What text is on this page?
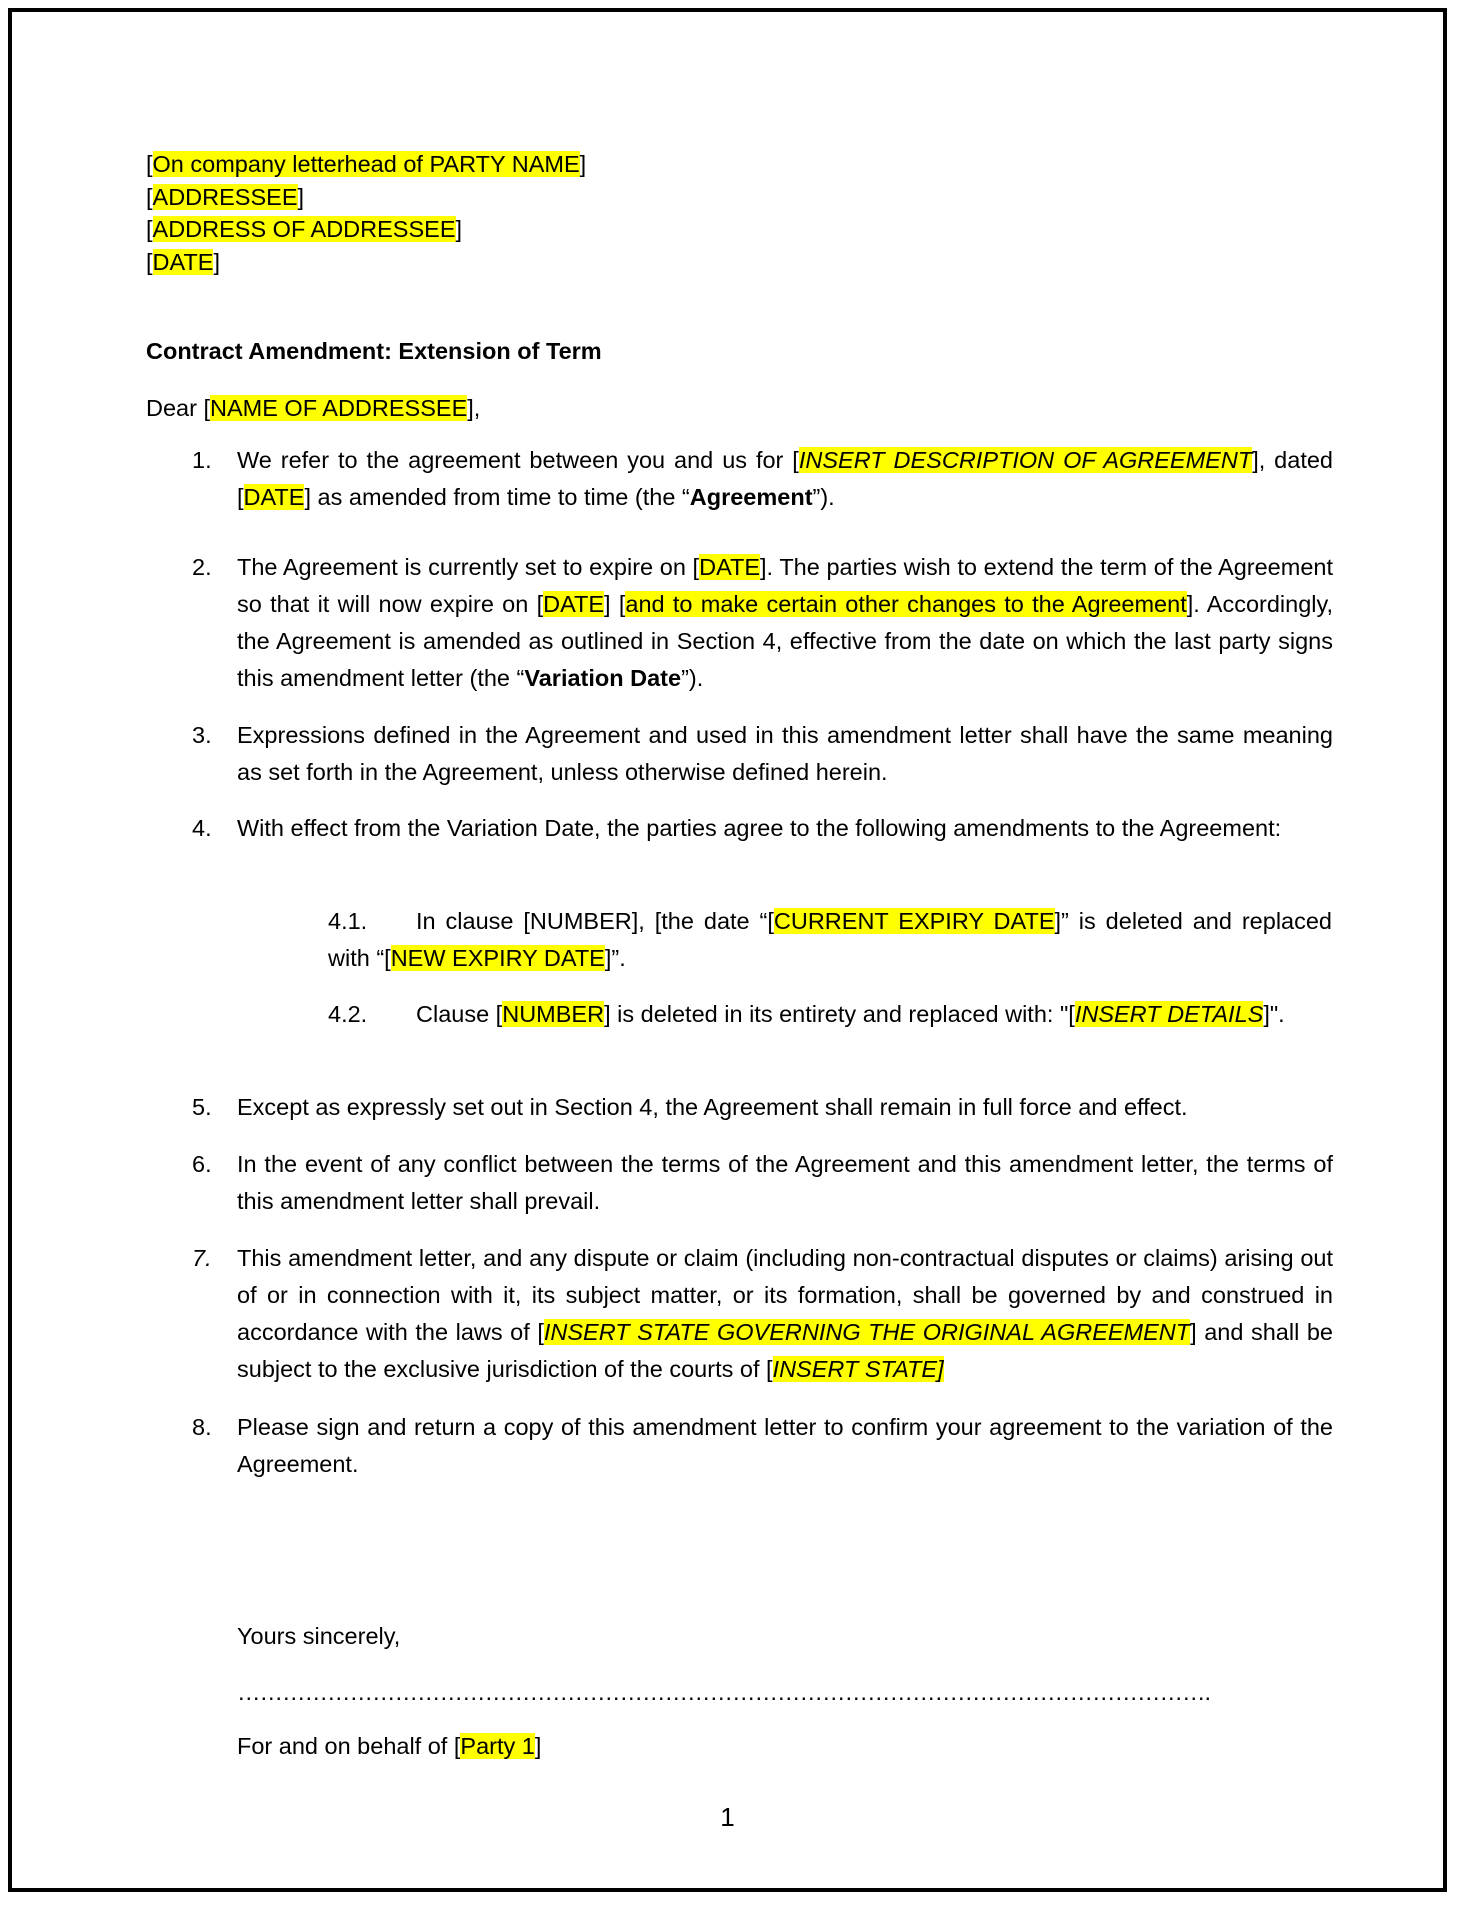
[On company letterhead of PARTY NAME]
[ADDRESSEE]
[ADDRESS OF ADDRESSEE]
[DATE]
Contract Amendment: Extension of Term
Dear [NAME OF ADDRESSEE],
1.	We refer to the agreement between you and us for [INSERT DESCRIPTION OF AGREEMENT], dated [DATE] as amended from time to time (the “Agreement”).
2.	The Agreement is currently set to expire on [DATE]. The parties wish to extend the term of the Agreement so that it will now expire on [DATE] [and to make certain other changes to the Agreement]. Accordingly, the Agreement is amended as outlined in Section 4, effective from the date on which the last party signs this amendment letter (the “Variation Date”).
3.	Expressions defined in the Agreement and used in this amendment letter shall have the same meaning as set forth in the Agreement, unless otherwise defined herein.
4.	With effect from the Variation Date, the parties agree to the following amendments to the Agreement:
4.1. In clause [NUMBER], [the date “[CURRENT EXPIRY DATE]” is deleted and replaced with “[NEW EXPIRY DATE]”.
4.2. Clause [NUMBER] is deleted in its entirety and replaced with: "[INSERT DETAILS]".
5.	Except as expressly set out in Section 4, the Agreement shall remain in full force and effect.
6.	In the event of any conflict between the terms of the Agreement and this amendment letter, the terms of this amendment letter shall prevail.
7.	This amendment letter, and any dispute or claim (including non-contractual disputes or claims) arising out of or in connection with it, its subject matter, or its formation, shall be governed by and construed in accordance with the laws of [INSERT STATE GOVERNING THE ORIGINAL AGREEMENT] and shall be subject to the exclusive jurisdiction of the courts of [INSERT STATE]
8.	Please sign and return a copy of this amendment letter to confirm your agreement to the variation of the Agreement.
Yours sincerely,
………………………………………………………………………………………………………………….
For and on behalf of [Party 1]
1
